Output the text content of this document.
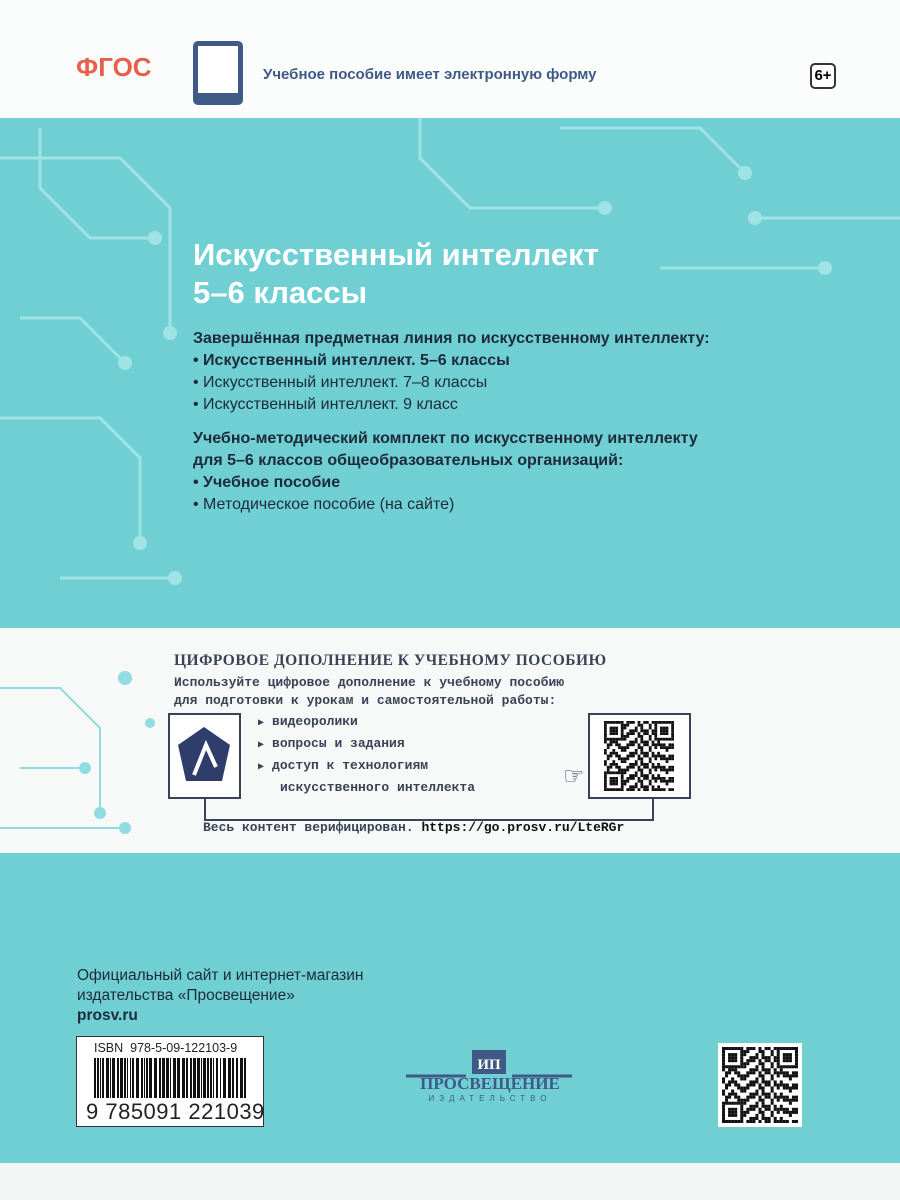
ФГОС	Учебное пособие имеет электронную форму	6+
Искусственный интеллект
5–6 классы
Завершённая предметная линия по искусственному интеллекту:
• Искусственный интеллект. 5–6 классы
• Искусственный интеллект. 7–8 классы
• Искусственный интеллект. 9 класс
Учебно-методический комплект по искусственному интеллекту
для 5–6 классов общеобразовательных организаций:
• Учебное пособие
• Методическое пособие (на сайте)
ЦИФРОВОЕ ДОПОЛНЕНИЕ К УЧЕБНОМУ ПОСОБИЮ
Используйте цифровое дополнение к учебному пособию
для подготовки к урокам и самостоятельной работы:
▶ видеоролики
▶ вопросы и задания
▶ доступ к технологиям
искусственного интеллекта	☞
Весь контент верифицирован. https://go.prosv.ru/LteRGr
Официальный сайт и интернет-магазин
издательства «Просвещение»
prosv.ru
ISBN  978-5-09-122103-9
9 785091 221039
ИП
ПРОСВЕЩЕНИЕ
ИЗДАТЕЛЬСТВО
